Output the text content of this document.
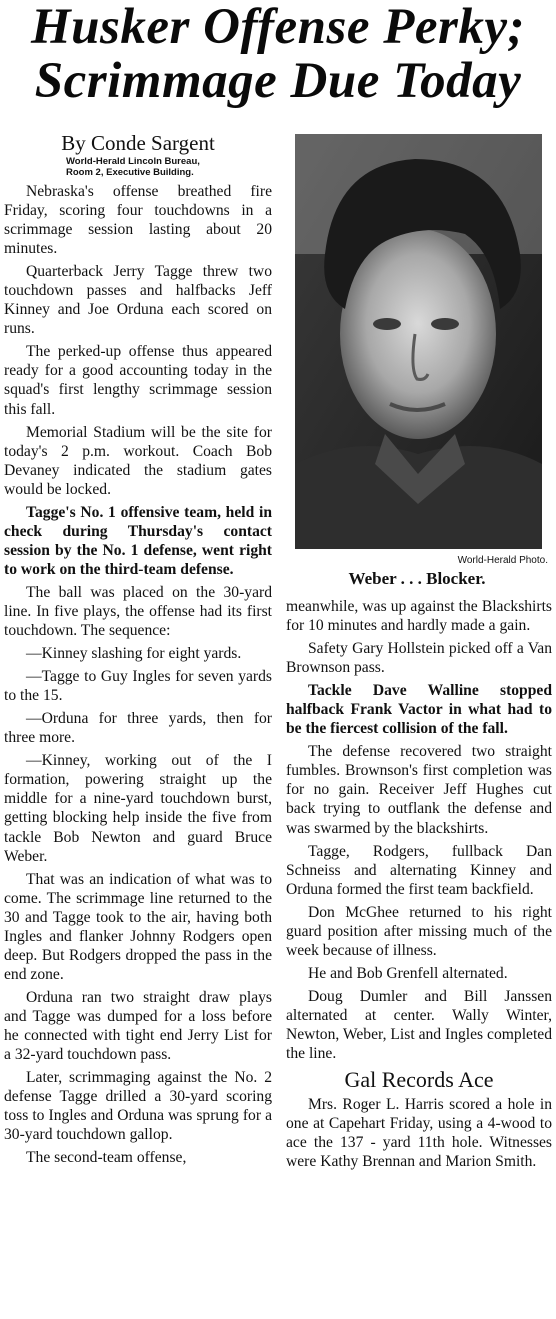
Husker Offense Perky;
Scrimmage Due Today
By Conde Sargent
World-Herald Lincoln Bureau,
Room 2, Executive Building.

Nebraska's offense breathed fire Friday, scoring four touchdowns in a scrimmage session lasting about 20 minutes.

Quarterback Jerry Tagge threw two touchdown passes and halfbacks Jeff Kinney and Joe Orduna each scored on runs.

The perked-up offense thus appeared ready for a good accounting today in the squad's first lengthy scrimmage session this fall.

Memorial Stadium will be the site for today's 2 p.m. workout. Coach Bob Devaney indicated the stadium gates would be locked.

Tagge's No. 1 offensive team, held in check during Thursday's contact session by the No. 1 defense, went right to work on the third-team defense.

The ball was placed on the 30-yard line. In five plays, the offense had its first touchdown. The sequence:

—Kinney slashing for eight yards.

—Tagge to Guy Ingles for seven yards to the 15.

—Orduna for three yards, then for three more.

—Kinney, working out of the I formation, powering straight up the middle for a nine-yard touchdown burst, getting blocking help inside the five from tackle Bob Newton and guard Bruce Weber.

That was an indication of what was to come. The scrimmage line returned to the 30 and Tagge took to the air, having both Ingles and flanker Johnny Rodgers open deep. But Rodgers dropped the pass in the end zone.

Orduna ran two straight draw plays and Tagge was dumped for a loss before he connected with tight end Jerry List for a 32-yard touchdown pass.

Later, scrimmaging against the No. 2 defense Tagge drilled a 30-yard scoring toss to Ingles and Orduna was sprung for a 30-yard touchdown gallop.

The second-team offense,

World-Herald Photo.
Weber . . . Blocker.

meanwhile, was up against the Blackshirts for 10 minutes and hardly made a gain.

Safety Gary Hollstein picked off a Van Brownson pass.

Tackle Dave Walline stopped halfback Frank Vactor in what had to be the fiercest collision of the fall.

The defense recovered two straight fumbles. Brownson's first completion was for no gain. Receiver Jeff Hughes cut back trying to outflank the defense and was swarmed by the blackshirts.

Tagge, Rodgers, fullback Dan Schneiss and alternating Kinney and Orduna formed the first team backfield.

Don McGhee returned to his right guard position after missing much of the week because of illness.

He and Bob Grenfell alternated.

Doug Dumler and Bill Janssen alternated at center. Wally Winter, Newton, Weber, List and Ingles completed the line.

Gal Records Ace

Mrs. Roger L. Harris scored a hole in one at Capehart Friday, using a 4-wood to ace the 137 - yard 11th hole. Witnesses were Kathy Brennan and Marion Smith.
